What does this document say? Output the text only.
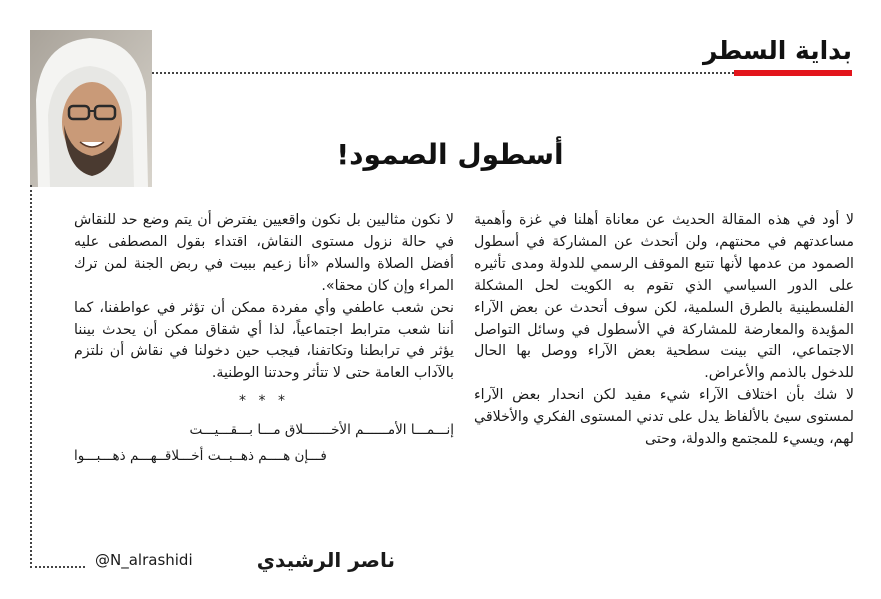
بداية السطر
أسطول الصمود!

لا أود في هذه المقالة الحديث عن معاناة أهلنا في غزة وأهمية مساعدتهم في محنتهم، ولن أتحدث عن المشاركة في أسطول الصمود من عدمها لأنها تتبع الموقف الرسمي للدولة ومدى تأثيره على الدور السياسي الذي تقوم به الكويت لحل المشكلة الفلسطينية بالطرق السلمية، لكن سوف أتحدث عن بعض الآراء المؤيدة والمعارضة للمشاركة في الأسطول في وسائل التواصل الاجتماعي، التي بينت سطحية بعض الآراء ووصل بها الحال للدخول بالذمم والأعراض.

لا شك بأن اختلاف الآراء شيء مفيد لكن انحدار بعض الآراء لمستوى سيئ بالألفاظ يدل على تدني المستوى الفكري والأخلاقي لهم، ويسيء للمجتمع والدولة، وحتى

لا نكون مثاليين بل نكون واقعيين يفترض أن يتم وضع حد للنقاش في حالة نزول مستوى النقاش، اقتداء بقول المصطفى عليه أفضل الصلاة والسلام «أنا زعيم ببيت في ربض الجنة لمن ترك المراء وإن كان محقا».

نحن شعب عاطفي وأي مفردة ممكن أن تؤثر في عواطفنا، كما أننا شعب مترابط اجتماعياً، لذا أي شقاق ممكن أن يحدث بيننا يؤثر في ترابطنا وتكاتفنا، فيجب حين دخولنا في نقاش أن نلتزم بالآداب العامة حتى لا تتأثر وحدتنا الوطنية.

* * *
إنـــمـــا الأمــــــم الأخـــــــلاق مـــا بـــقـــيـــت
فـــإن هــــم ذهــبــت أخـــلاقــهـــم ذهـــبـــوا
ناصر الرشيدي
@N_alrashidi
